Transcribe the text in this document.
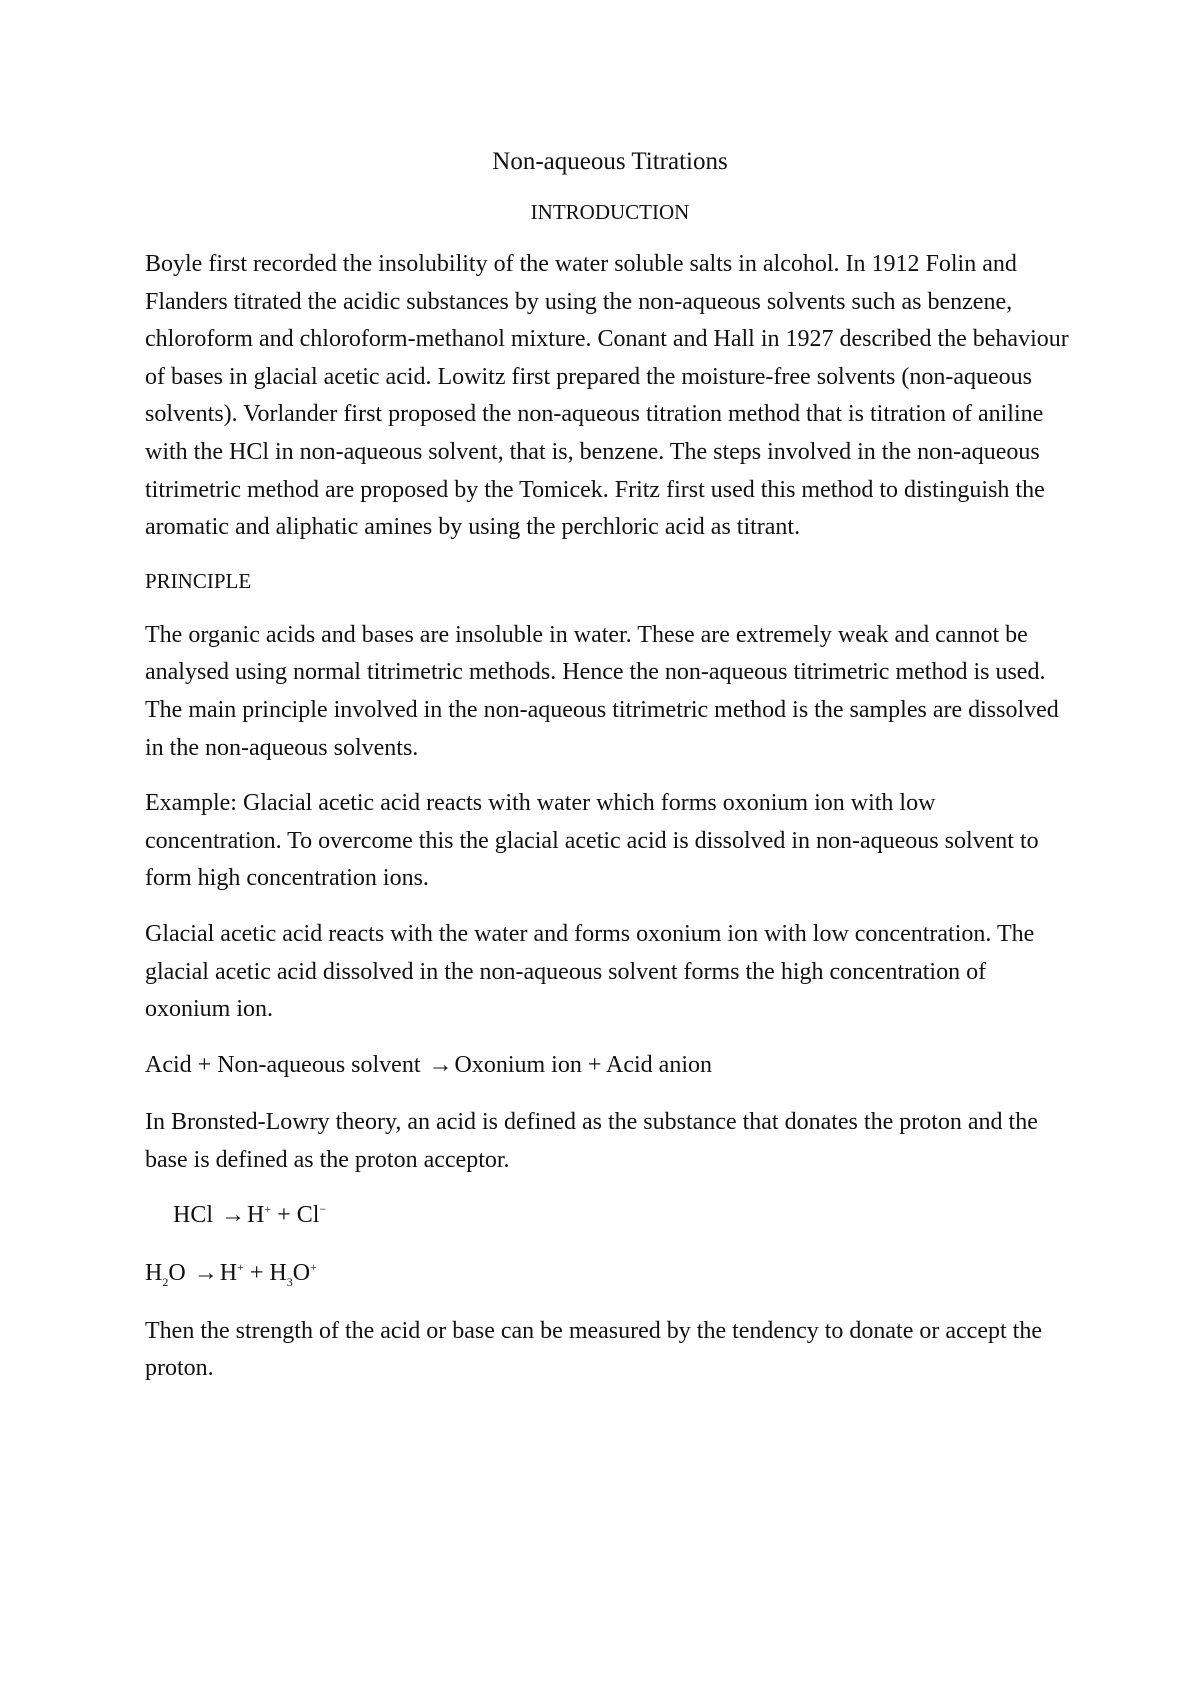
Non-aqueous Titrations
INTRODUCTION

Boyle first recorded the insolubility of the water soluble salts in alcohol. In 1912 Folin and Flanders titrated the acidic substances by using the non-aqueous solvents such as benzene, chloroform and chloroform-methanol mixture. Conant and Hall in 1927 described the behaviour of bases in glacial acetic acid. Lowitz first prepared the moisture-free solvents (non-aqueous solvents). Vorlander first proposed the non-aqueous titration method that is titration of aniline with the HCl in non-aqueous solvent, that is, benzene. The steps involved in the non-aqueous titrimetric method are proposed by the Tomicek. Fritz first used this method to distinguish the aromatic and aliphatic amines by using the perchloric acid as titrant.

PRINCIPLE

The organic acids and bases are insoluble in water. These are extremely weak and cannot be analysed using normal titrimetric methods. Hence the non-aqueous titrimetric method is used. The main principle involved in the non-aqueous titrimetric method is the samples are dissolved in the non-aqueous solvents.

Example: Glacial acetic acid reacts with water which forms oxonium ion with low concentration. To overcome this the glacial acetic acid is dissolved in non-aqueous solvent to form high concentration ions.

Glacial acetic acid reacts with the water and forms oxonium ion with low concentration. The glacial acetic acid dissolved in the non-aqueous solvent forms the high concentration of oxonium ion.

Acid + Non-aqueous solvent →Oxonium ion + Acid anion

In Bronsted-Lowry theory, an acid is defined as the substance that donates the proton and the base is defined as the proton acceptor.

HCl →H+ + Cl−
$H_2O \to H^+ + H_3O^+$

Then the strength of the acid or base can be measured by the tendency to donate or accept the proton.
